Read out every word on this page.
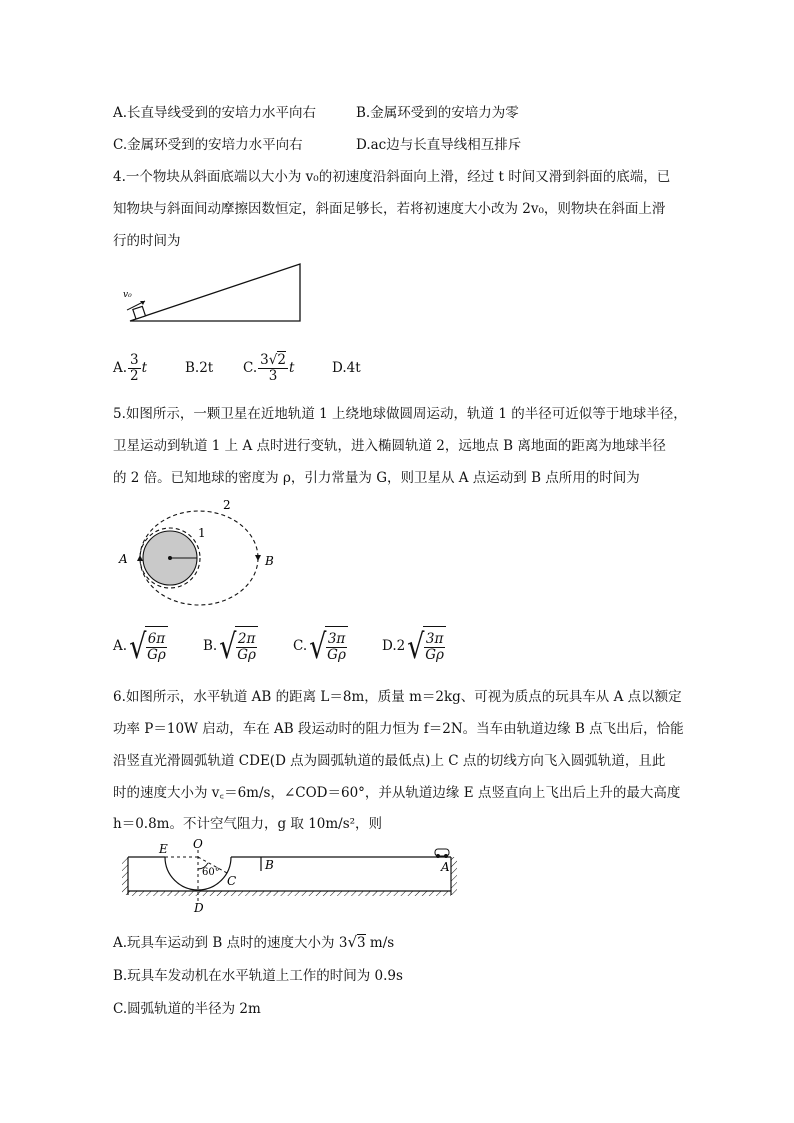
A.长直导线受到的安培力水平向右	B.金属环受到的安培力为零
C.金属环受到的安培力水平向右	D.ac边与长直导线相互排斥
4.一个物块从斜面底端以大小为 v₀的初速度沿斜面向上滑，经过 t 时间又滑到斜面的底端，已
知物块与斜面间动摩擦因数恒定，斜面足够长，若将初速度大小改为 2v₀，则物块在斜面上滑
行的时间为
v₀
A. $\frac{3}{2}$ t	B.2t C. $\frac{3√2}{3}$ t	D.4t
5.如图所示，一颗卫星在近地轨道 1 上绕地球做圆周运动，轨道 1 的半径可近似等于地球半径，
卫星运动到轨道 1 上 A 点时进行变轨，进入椭圆轨道 2，远地点 B 离地面的距离为地球半径
的 2 倍。已知地球的密度为 ρ，引力常量为 G，则卫星从 A 点运动到 B 点所用的时间为
A	B
1
2
$A.√ \frac{6\pi}{G\rho}$	$B.√ \frac{2\pi}{G\rho}$	$C.√ \frac{3\pi}{G\rho}$	$D.2√ \frac{3\pi}{G\rho}$
6.如图所示，水平轨道 AB 的距离 L＝8m，质量 m＝2kg、可视为质点的玩具车从 A 点以额定
功率 P＝10W 启动，车在 AB 段运动时的阻力恒为 f＝2N。当车由轨道边缘 B 点飞出后，恰能
沿竖直光滑圆弧轨道 CDE(D 点为圆弧轨道的最低点)上 C 点的切线方向飞入圆弧轨道，且此
时的速度大小为 v꜀＝6m/s，∠COD＝60°，并从轨道边缘 E 点竖直向上飞出后上升的最大高度
h＝0.8m。不计空气阻力，g 取 10m/s²，则
E O
60°
C
B	A
D
A.玩具车运动到 B 点时的速度大小为 3√3 m/s
B.玩具车发动机在水平轨道上工作的时间为 0.9s
C.圆弧轨道的半径为 2m
